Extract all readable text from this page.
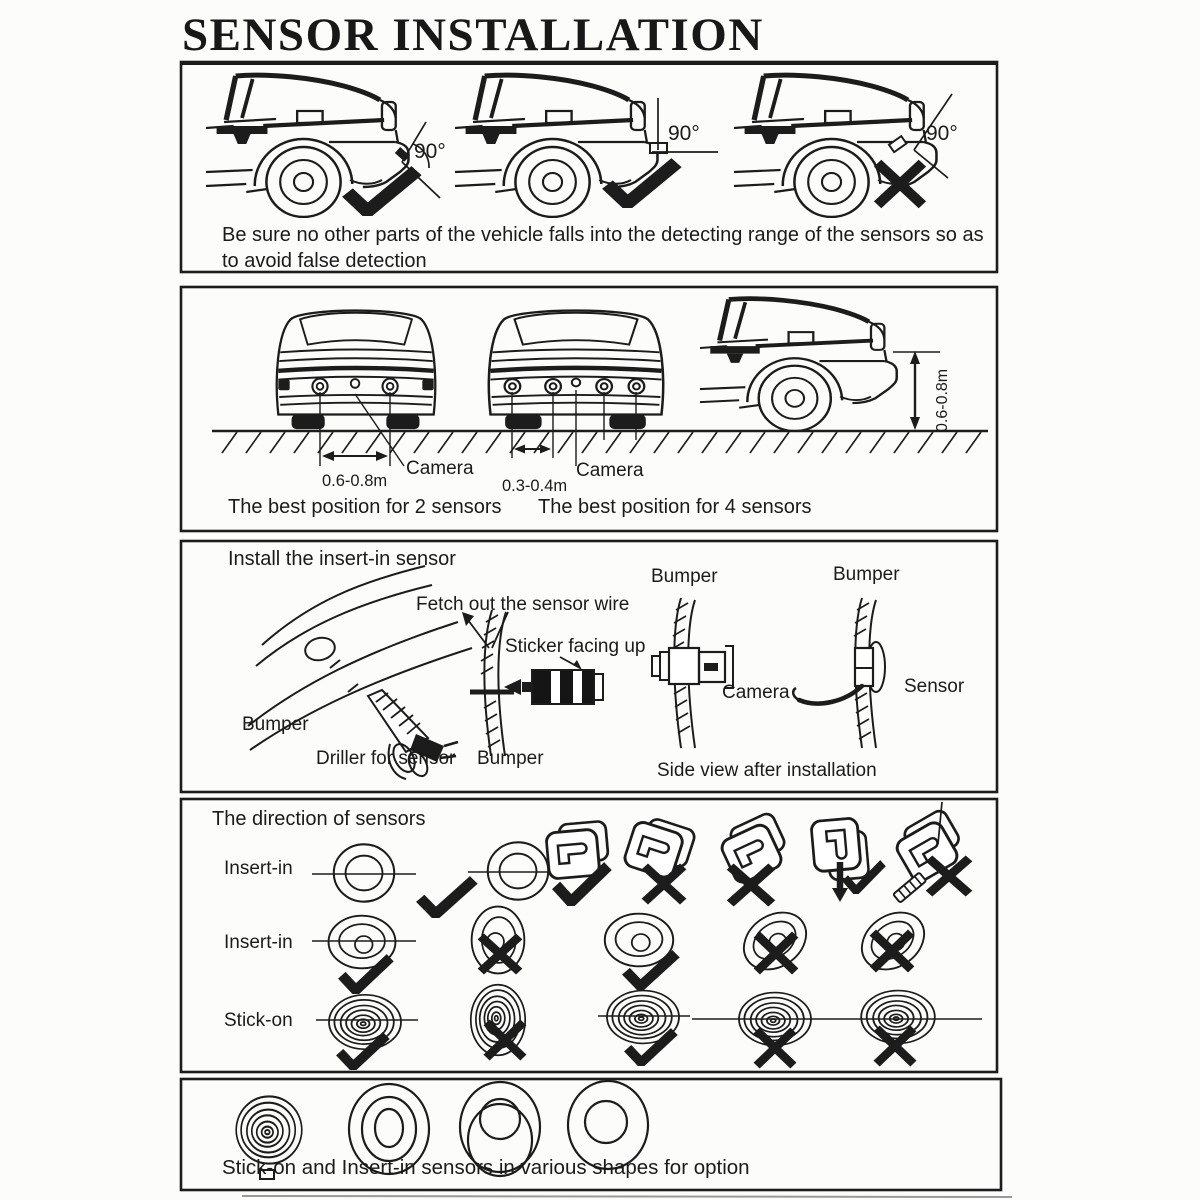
SENSOR INSTALLATION
90°
90°	90°
Be sure no other parts of the vehicle falls into the detecting range of the sensors so as to avoid false detection
0.6-0.8m
Camera
0.3-0.4m
Camera
0.6-0.8m
The best position for 2 sensors The best position for 4 sensors
Install the insert-in sensor
Fetch out the sensor wire
Sticker facing up
Bumper
Driller for sensor Bumper
Bumper
Camera
Bumper
Sensor
Side view after installation
The direction of sensors
Insert-in
Insert-in
Stick-on
Stick-on and Insert-in sensors in various shapes for option
